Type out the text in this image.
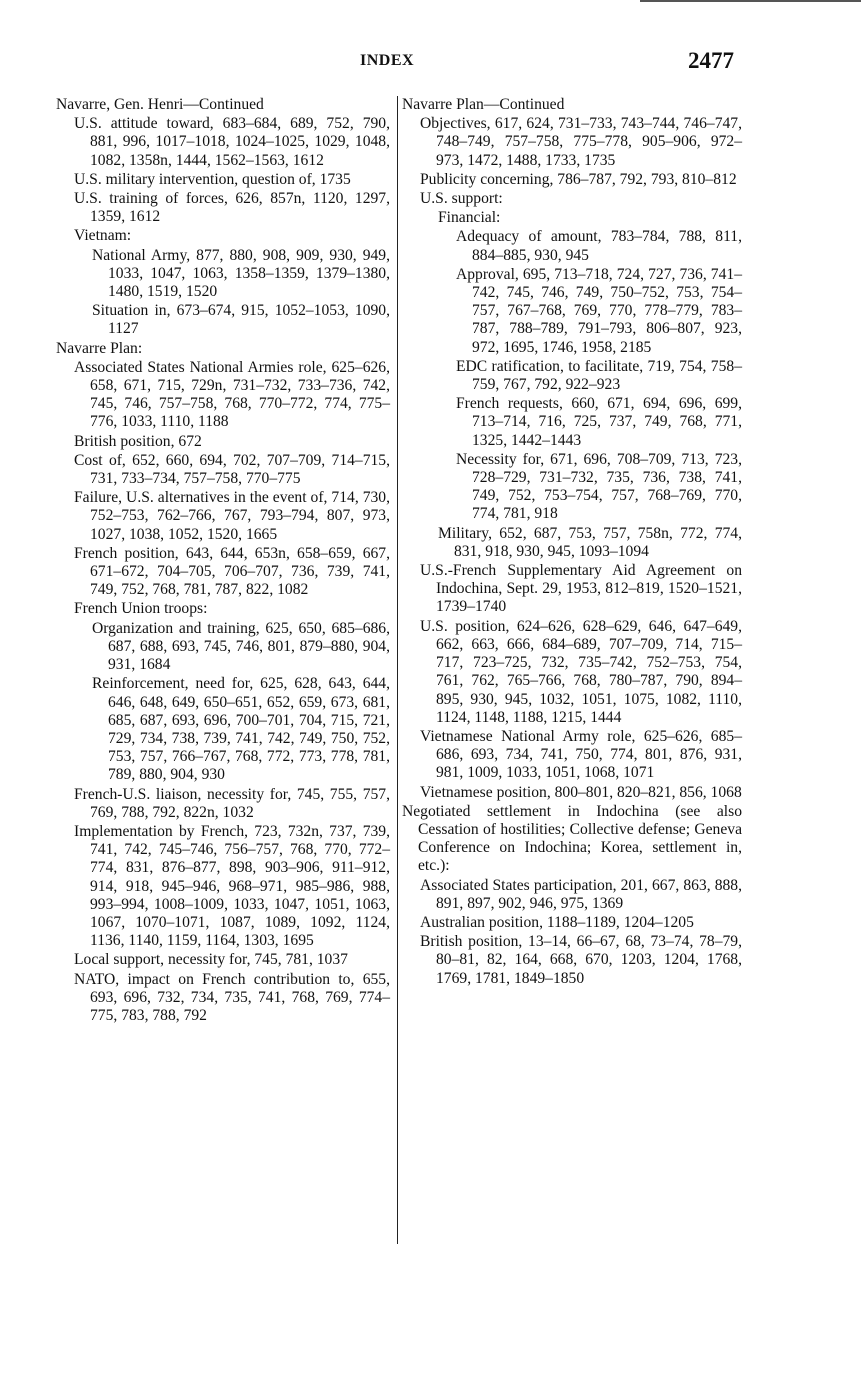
INDEX	2477
Navarre, Gen. Henri—Continued
U.S. attitude toward, 683–684, 689, 752, 790, 881, 996, 1017–1018, 1024–1025, 1029, 1048, 1082, 1358n, 1444, 1562–1563, 1612
U.S. military intervention, question of, 1735
U.S. training of forces, 626, 857n, 1120, 1297, 1359, 1612
Vietnam:
National Army, 877, 880, 908, 909, 930, 949, 1033, 1047, 1063, 1358–1359, 1379–1380, 1480, 1519, 1520
Situation in, 673–674, 915, 1052–1053, 1090, 1127
Navarre Plan:
Associated States National Armies role, 625–626, 658, 671, 715, 729n, 731–732, 733–736, 742, 745, 746, 757–758, 768, 770–772, 774, 775–776, 1033, 1110, 1188
British position, 672
Cost of, 652, 660, 694, 702, 707–709, 714–715, 731, 733–734, 757–758, 770–775
Failure, U.S. alternatives in the event of, 714, 730, 752–753, 762–766, 767, 793–794, 807, 973, 1027, 1038, 1052, 1520, 1665
French position, 643, 644, 653n, 658–659, 667, 671–672, 704–705, 706–707, 736, 739, 741, 749, 752, 768, 781, 787, 822, 1082
French Union troops:
Organization and training, 625, 650, 685–686, 687, 688, 693, 745, 746, 801, 879–880, 904, 931, 1684
Reinforcement, need for, 625, 628, 643, 644, 646, 648, 649, 650–651, 652, 659, 673, 681, 685, 687, 693, 696, 700–701, 704, 715, 721, 729, 734, 738, 739, 741, 742, 749, 750, 752, 753, 757, 766–767, 768, 772, 773, 778, 781, 789, 880, 904, 930
French-U.S. liaison, necessity for, 745, 755, 757, 769, 788, 792, 822n, 1032
Implementation by French, 723, 732n, 737, 739, 741, 742, 745–746, 756–757, 768, 770, 772–774, 831, 876–877, 898, 903–906, 911–912, 914, 918, 945–946, 968–971, 985–986, 988, 993–994, 1008–1009, 1033, 1047, 1051, 1063, 1067, 1070–1071, 1087, 1089, 1092, 1124, 1136, 1140, 1159, 1164, 1303, 1695
Local support, necessity for, 745, 781, 1037
NATO, impact on French contribution to, 655, 693, 696, 732, 734, 735, 741, 768, 769, 774–775, 783, 788, 792
Navarre Plan—Continued
Objectives, 617, 624, 731–733, 743–744, 746–747, 748–749, 757–758, 775–778, 905–906, 972–973, 1472, 1488, 1733, 1735
Publicity concerning, 786–787, 792, 793, 810–812
U.S. support:
Financial:
Adequacy of amount, 783–784, 788, 811, 884–885, 930, 945
Approval, 695, 713–718, 724, 727, 736, 741–742, 745, 746, 749, 750–752, 753, 754–757, 767–768, 769, 770, 778–779, 783–787, 788–789, 791–793, 806–807, 923, 972, 1695, 1746, 1958, 2185
EDC ratification, to facilitate, 719, 754, 758–759, 767, 792, 922–923
French requests, 660, 671, 694, 696, 699, 713–714, 716, 725, 737, 749, 768, 771, 1325, 1442–1443
Necessity for, 671, 696, 708–709, 713, 723, 728–729, 731–732, 735, 736, 738, 741, 749, 752, 753–754, 757, 768–769, 770, 774, 781, 918
Military, 652, 687, 753, 757, 758n, 772, 774, 831, 918, 930, 945, 1093–1094
U.S.-French Supplementary Aid Agreement on Indochina, Sept. 29, 1953, 812–819, 1520–1521, 1739–1740
U.S. position, 624–626, 628–629, 646, 647–649, 662, 663, 666, 684–689, 707–709, 714, 715–717, 723–725, 732, 735–742, 752–753, 754, 761, 762, 765–766, 768, 780–787, 790, 894–895, 930, 945, 1032, 1051, 1075, 1082, 1110, 1124, 1148, 1188, 1215, 1444
Vietnamese National Army role, 625–626, 685–686, 693, 734, 741, 750, 774, 801, 876, 931, 981, 1009, 1033, 1051, 1068, 1071
Vietnamese position, 800–801, 820–821, 856, 1068
Negotiated settlement in Indochina (see also Cessation of hostilities; Collective defense; Geneva Conference on Indochina; Korea, settlement in, etc.):
Associated States participation, 201, 667, 863, 888, 891, 897, 902, 946, 975, 1369
Australian position, 1188–1189, 1204–1205
British position, 13–14, 66–67, 68, 73–74, 78–79, 80–81, 82, 164, 668, 670, 1203, 1204, 1768, 1769, 1781, 1849–1850
